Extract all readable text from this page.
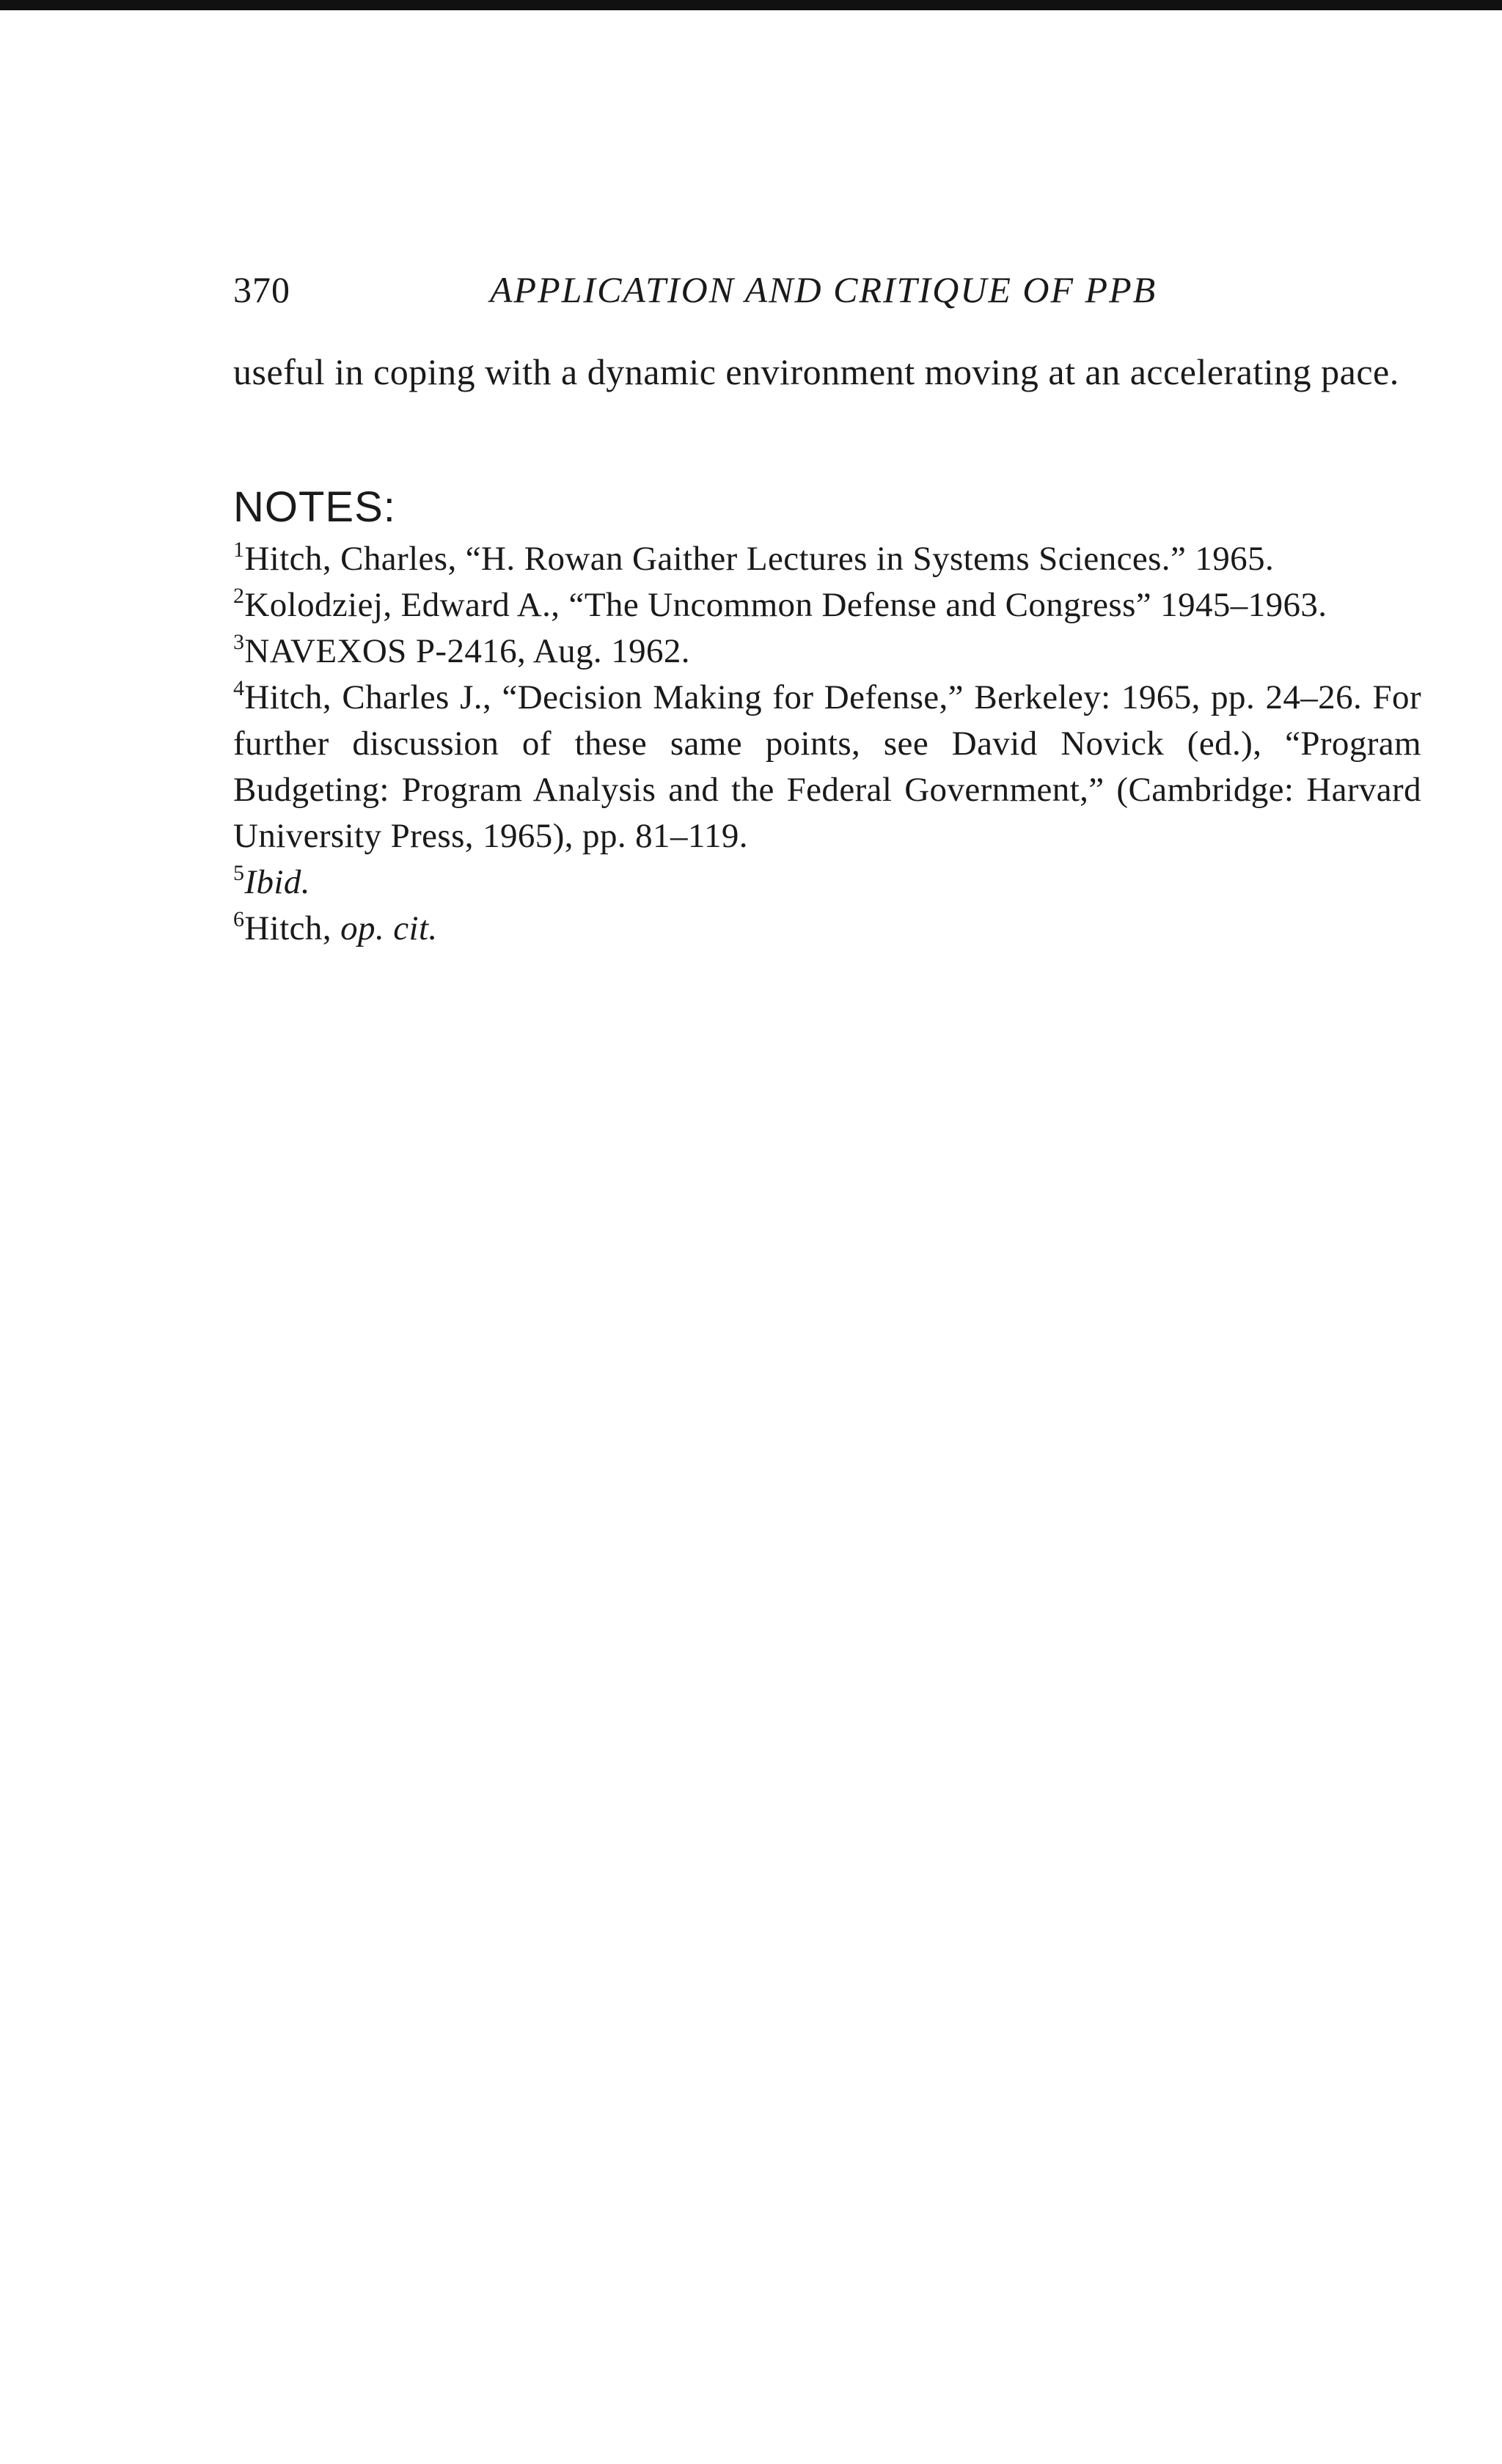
370	APPLICATION AND CRITIQUE OF PPB

useful in coping with a dynamic environment moving at an accelerating pace.

NOTES:

$^1$Hitch, Charles, “H. Rowan Gaither Lectures in Systems Sciences.” 1965.

$^2$Kolodziej, Edward A., “The Uncommon Defense and Congress” 1945–1963.

$^3$NAVEXOS P-2416, Aug. 1962.

$^4$Hitch, Charles J., “Decision Making for Defense,” Berkeley: 1965, pp. 24–26. For further discussion of these same points, see David Novick (ed.), “Program Budgeting: Program Analysis and the Federal Government,” (Cambridge: Harvard University Press, 1965), pp. 81–119.

$^5$Ibid.

$^6$Hitch, op. cit.
